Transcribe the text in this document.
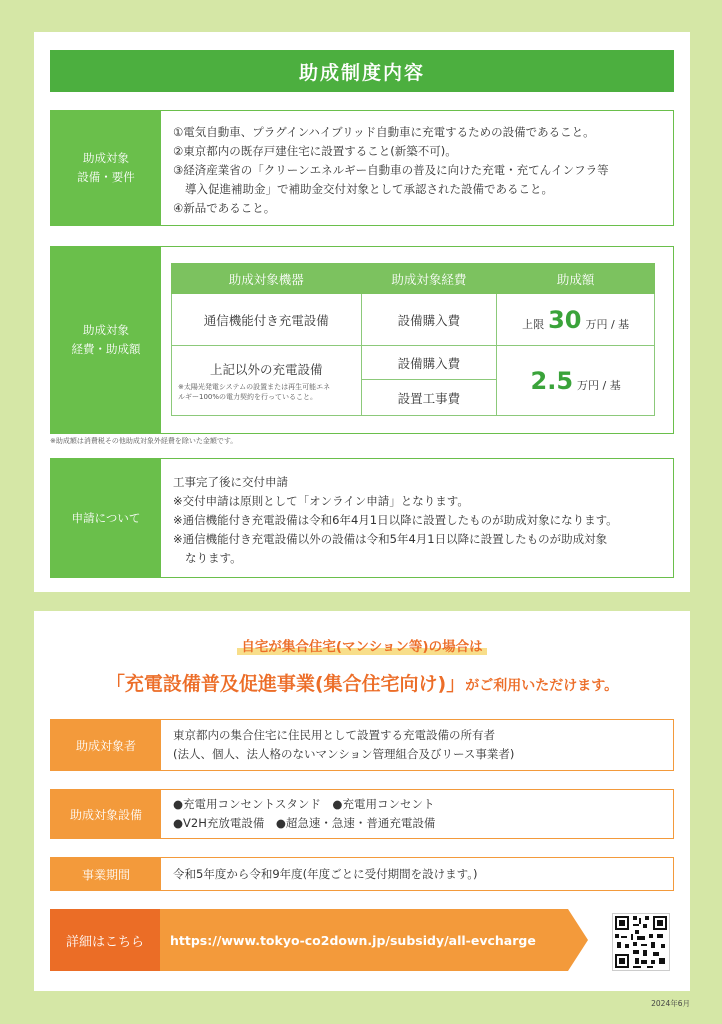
助成制度内容
助成対象
設備・要件

①電気自動車、プラグインハイブリッド自動車に充電するための設備であること。

②東京都内の既存戸建住宅に設置すること(新築不可)。

③経済産業省の「クリーンエネルギー自動車の普及に向けた充電・充てんインフラ等

導入促進補助金」で補助金交付対象として承認された設備であること。

④新品であること。

助成対象
経費・助成額
助成対象機器	助成対象経費	助成額
通信機能付き充電設備	設備購入費	上限 30 万円 / 基

上記以外の充電設備
※太陽光発電システムの設置または再生可能エネ
ルギー100%の電力契約を行っていること。	設備購入費	2.5 万円 / 基
	設置工事費	
※助成額は消費税その他助成対象外経費を除いた金額です。
申請について

工事完了後に交付申請

※交付申請は原則として「オンライン申請」となります。

※通信機能付き充電設備は令和6年4月1日以降に設置したものが助成対象になります。

※通信機能付き充電設備以外の設備は令和5年4月1日以降に設置したものが助成対象

なります。

自宅が集合住宅(マンション等)の場合は
「充電設備普及促進事業(集合住宅向け)」がご利用いただけます。
助成対象者

東京都内の集合住宅に住民用として設置する充電設備の所有者

(法人、個人、法人格のないマンション管理組合及びリース事業者)

助成対象設備

●充電用コンセントスタンド　●充電用コンセント

●V2H充放電設備　●超急速・急速・普通充電設備

事業期間	令和5年度から令和9年度(年度ごとに受付期間を設けます。)

詳細はこちら	https://www.tokyo-co2down.jp/subsidy/all-evcharge
2024年6月
